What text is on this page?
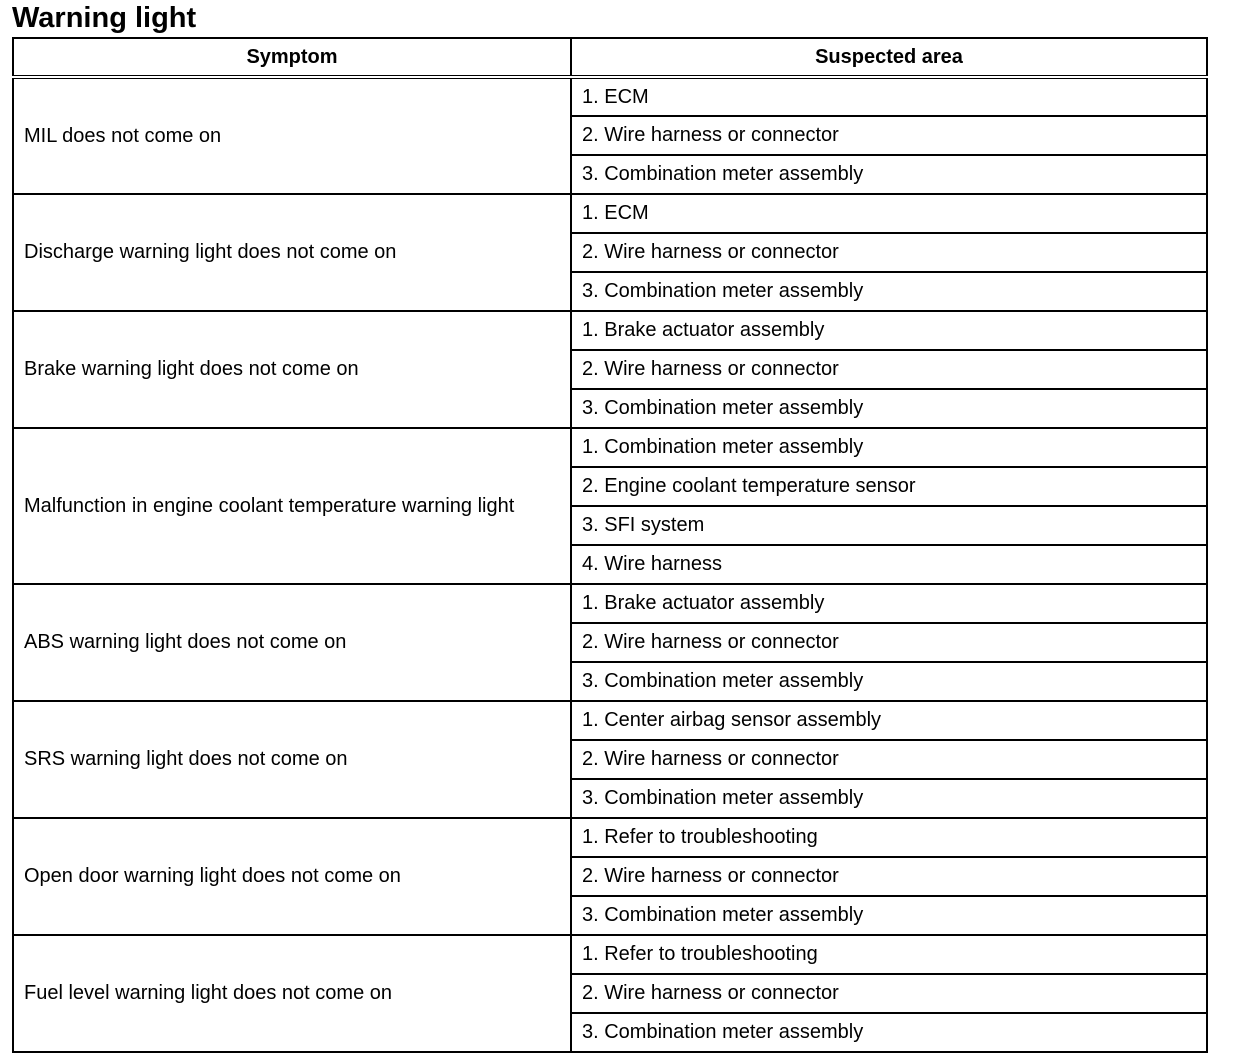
Warning light
Symptom	Suspected area
MIL does not come on	1. ECM
	2. Wire harness or connector
	3. Combination meter assembly
Discharge warning light does not come on	1. ECM
	2. Wire harness or connector
	3. Combination meter assembly
Brake warning light does not come on	1. Brake actuator assembly
	2. Wire harness or connector
	3. Combination meter assembly
Malfunction in engine coolant temperature warning light	1. Combination meter assembly
	2. Engine coolant temperature sensor
	3. SFI system
	4. Wire harness
ABS warning light does not come on	1. Brake actuator assembly
	2. Wire harness or connector
	3. Combination meter assembly
SRS warning light does not come on	1. Center airbag sensor assembly
	2. Wire harness or connector
	3. Combination meter assembly
Open door warning light does not come on	1. Refer to troubleshooting
	2. Wire harness or connector
	3. Combination meter assembly
Fuel level warning light does not come on	1. Refer to troubleshooting
	2. Wire harness or connector
	3. Combination meter assembly
